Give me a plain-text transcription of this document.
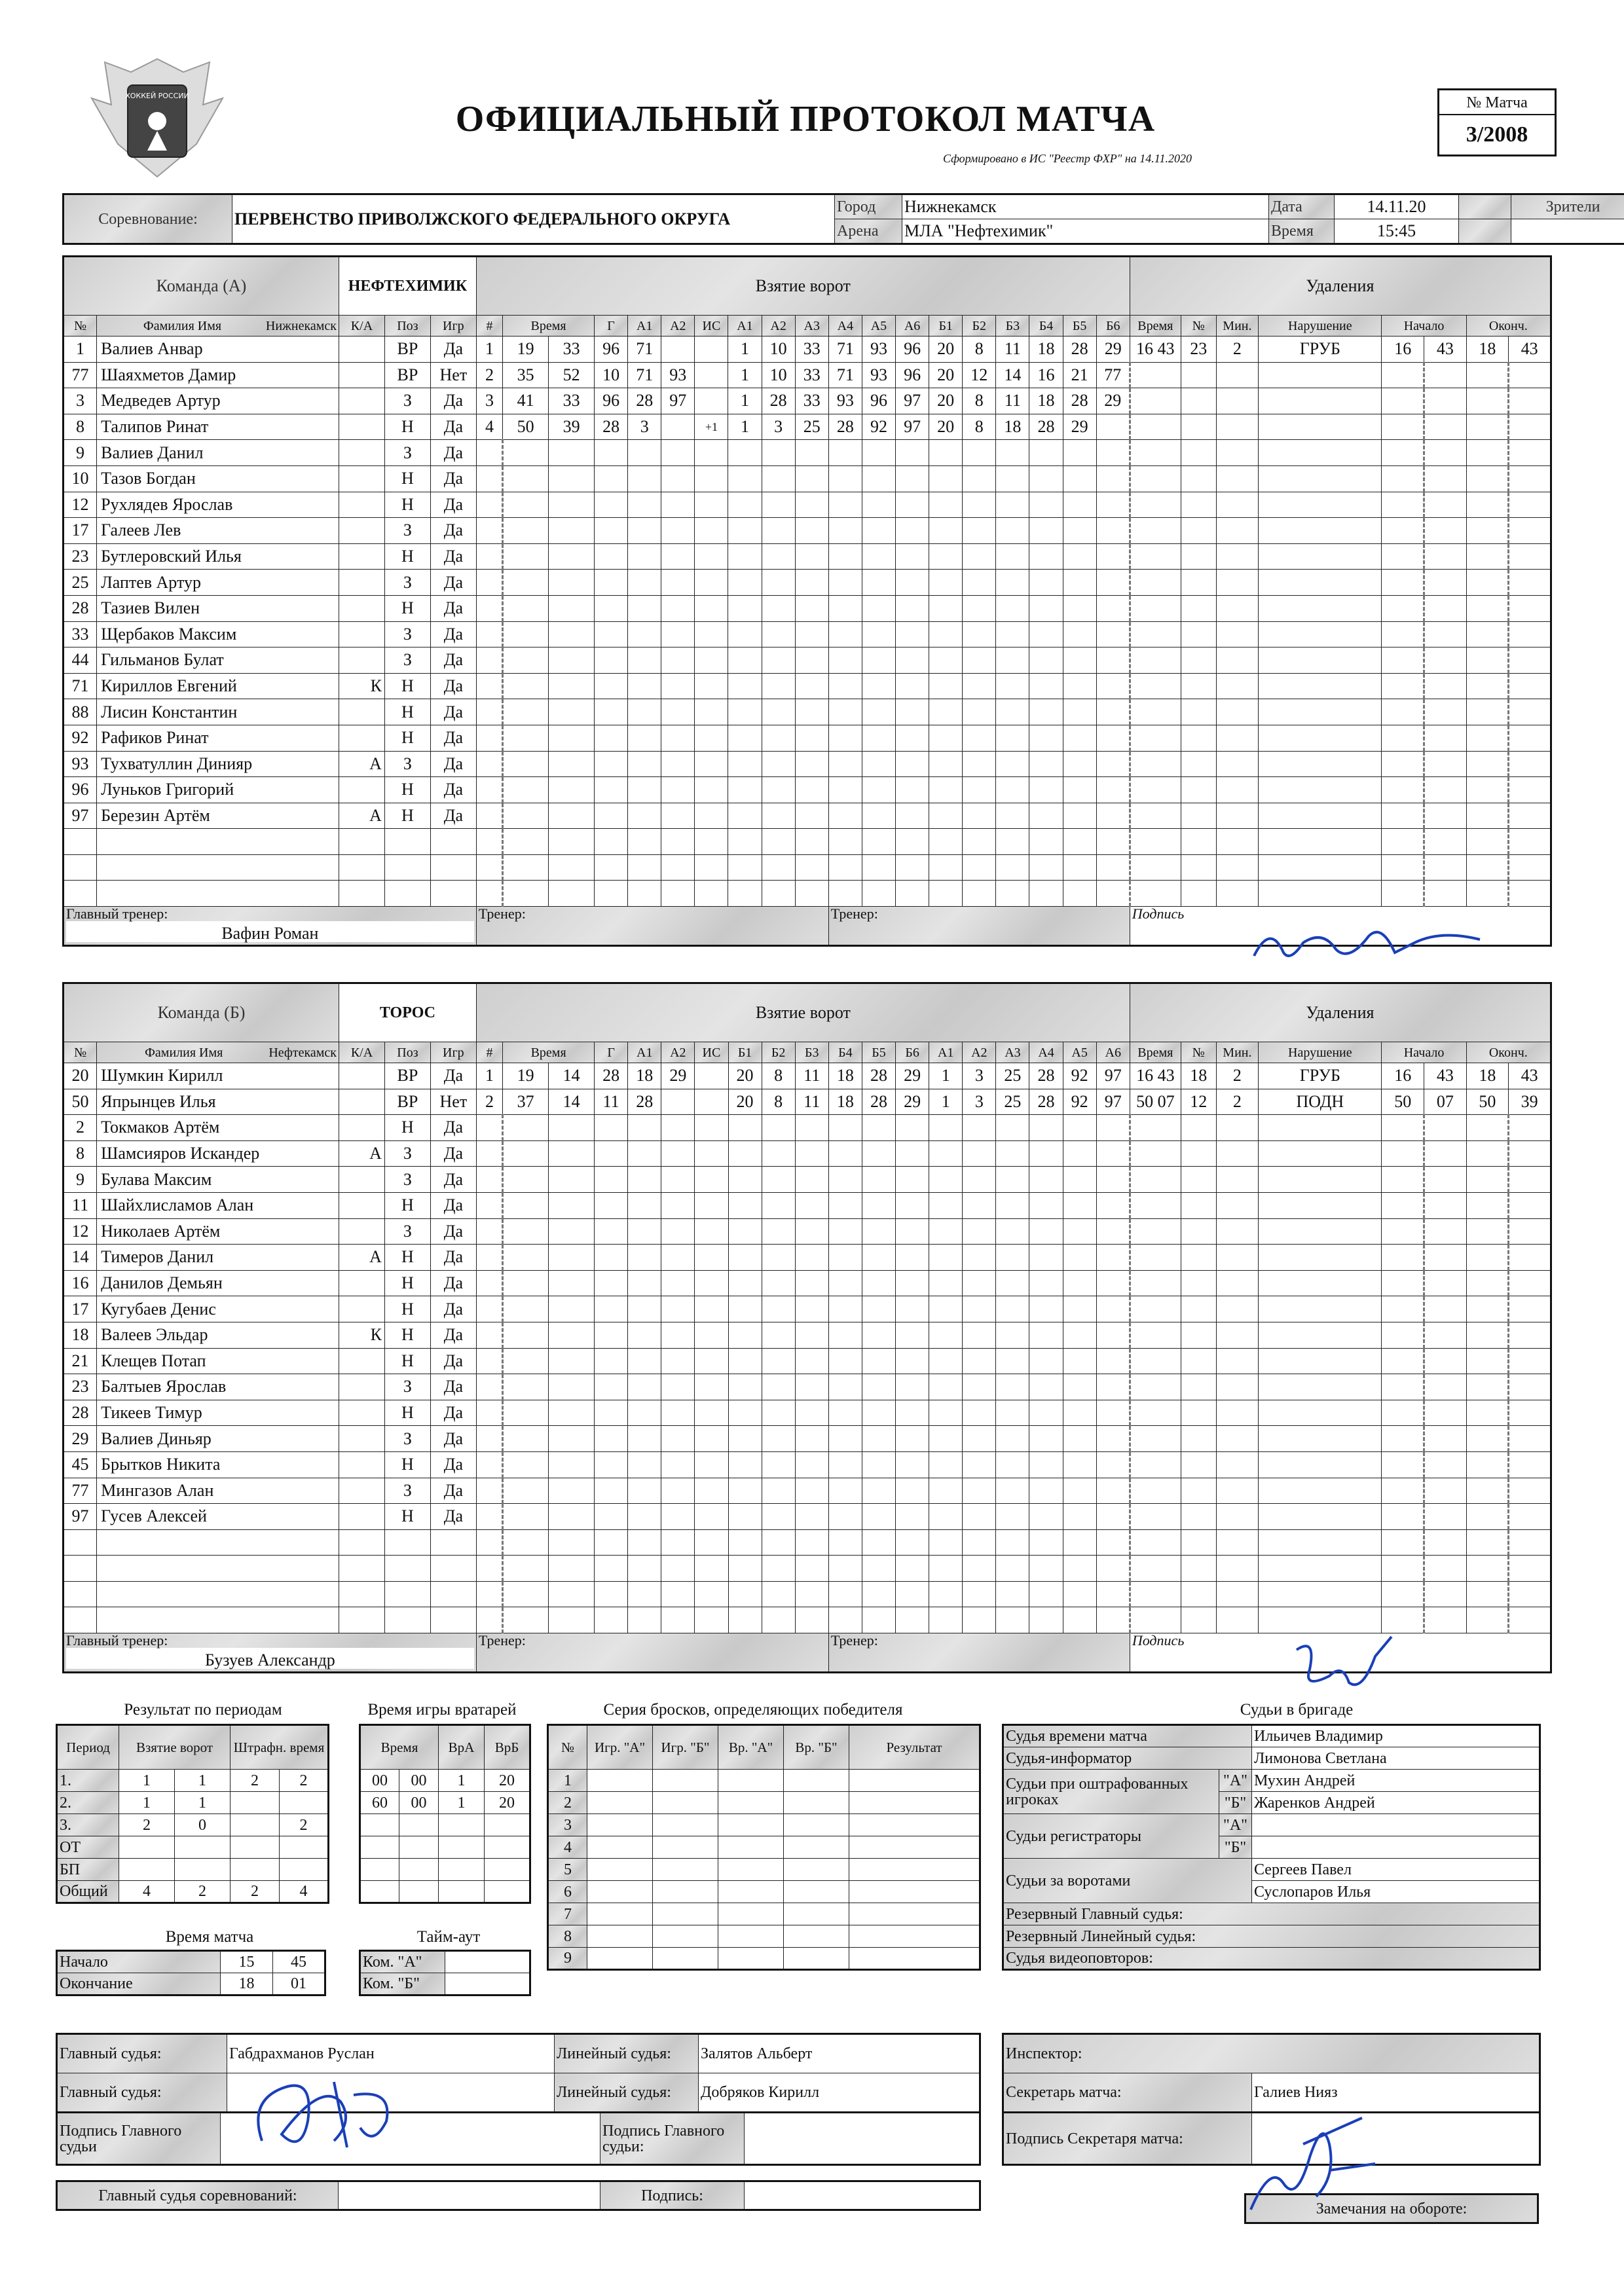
ХОККЕЙ РОССИИ
ОФИЦИАЛЬНЫЙ ПРОТОКОЛ МАТЧА
Сформировано в ИС "Реестр ФХР" на 14.11.2020
№ Матча
3/2008
Соревнование:	ПЕРВЕНСТВО ПРИВОЛЖСКОГО ФЕДЕРАЛЬНОГО ОКРУГА	Город	Нижнекамск	Дата	14.11.20		Зрители
		Арена	МЛА "Нефтехимик"	Время	15:45		
Команда (А)		НЕФТЕХИМИК			Взятие ворот																			Удаления							
№	Фамилия Имя Нижнекамск	К/А	Поз	Игр	#	Время		Г	А1	А2	ИС	А1	А2	А3	А4	А5	А6	Б1	Б2	Б3	Б4	Б5	Б6	Время	№	Мин.	Нарушение	Начало		Оконч.	
1	Валиев Анвар		ВР	Да	1	19	33	96	71			1	10	33	71	93	96	20	8	11	18	28	29	16 43	23	2	ГРУБ	16	43	18	43
77	Шаяхметов Дамир		ВР	Нет	2	35	52	10	71	93		1	10	33	71	93	96	20	12	14	16	21	77								
3	Медведев Артур		З	Да	3	41	33	96	28	97		1	28	33	93	96	97	20	8	11	18	28	29								
8	Талипов Ринат		Н	Да	4	50	39	28	3		+1	1	3	25	28	92	97	20	8	18	28	29									
9	Валиев Данил		З	Да																											
10	Тазов Богдан		Н	Да																											
12	Рухлядев Ярослав		Н	Да																											
17	Галеев Лев		З	Да																											
23	Бутлеровский Илья		Н	Да																											
25	Лаптев Артур		З	Да																											
28	Тазиев Вилен		Н	Да																											
33	Щербаков Максим		З	Да																											
44	Гильманов Булат		З	Да																											
71	Кириллов Евгений	К	Н	Да																											
88	Лисин Константин		Н	Да																											
92	Рафиков Ринат		Н	Да																											
93	Тухватуллин Динияр	А	З	Да																											
96	Луньков Григорий		Н	Да																											
97	Березин Артём	А	Н	Да																											

Главный тренер:

Вафин Роман					Тренер:										Тренер:									Подпись							
Команда (Б)		ТОРОС			Взятие ворот																			Удаления							
№	Фамилия Имя Нефтекамск	К/А	Поз	Игр	#	Время		Г	А1	А2	ИС	Б1	Б2	Б3	Б4	Б5	Б6	А1	А2	А3	А4	А5	А6	Время	№	Мин.	Нарушение	Начало		Оконч.	
20	Шумкин Кирилл		ВР	Да	1	19	14	28	18	29		20	8	11	18	28	29	1	3	25	28	92	97	16 43	18	2	ГРУБ	16	43	18	43
50	Япрынцев Илья		ВР	Нет	2	37	14	11	28			20	8	11	18	28	29	1	3	25	28	92	97	50 07	12	2	ПОДН	50	07	50	39
2	Токмаков Артём		Н	Да																											
8	Шамсияров Искандер	А	З	Да																											
9	Булава Максим		З	Да																											
11	Шайхлисламов Алан		Н	Да																											
12	Николаев Артём		З	Да																											
14	Тимеров Данил	А	Н	Да																											
16	Данилов Демьян		Н	Да																											
17	Кугубаев Денис		Н	Да																											
18	Валеев Эльдар	К	Н	Да																											
21	Клещев Потап		Н	Да																											
23	Балтыев Ярослав		З	Да																											
28	Тикеев Тимур		Н	Да																											
29	Валиев Диньяр		З	Да																											
45	Брытков Никита		Н	Да																											
77	Мингазов Алан		З	Да																											
97	Гусев Алексей		Н	Да																											

Главный тренер:

Бузуев Александр					Тренер:										Тренер:									Подпись							
Результат по периодам
Период	Взятие ворот		Штрафн. время	
1.	1	1	2	2
2.	1	1		
3.	2	0		2
ОТ				
БП				
Общий	4	2	2	4
Время игры вратарей
Время		ВрА	ВрБ
00	00	1	20
60	00	1	20

Время матча
Начало	15	45
Окончание	18	01
Тайм-аут
Ком. "А"	
Ком. "Б"	
Серия бросков, определяющих победителя
№	Игр. "А"	Игр. "Б"	Вр. "А"	Вр. "Б"	Результат
1					
2					
3					
4					
5					
6					
7					
8					
9					
Судьи в бригаде
Судья времени матча		Ильичев Владимир
Судья-информатор		Лимонова Светлана
Судьи при оштрафованных игроках	"А"	Мухин Андрей
	"Б"	Жаренков Андрей
Судьи регистраторы	"А"	
	"Б"	
Судьи за воротами		Сергеев Павел
		Суслопаров Илья
Резервный Главный судья:		
Резервный Линейный судья:		
Судья видеоповторов:		
Главный судья:	Габдрахманов Руслан	Линейный судья:	Залятов Альберт
Главный судья:		Линейный судья:	Добряков Кирилл
Инспектор:
Секретарь матча:	Галиев Нияз
Подпись Главного судьи		Подпись Главного судьи:		Подпись Секретаря матча:	
Главный судья соревнований:		Подпись:	
Замечания на обороте:
